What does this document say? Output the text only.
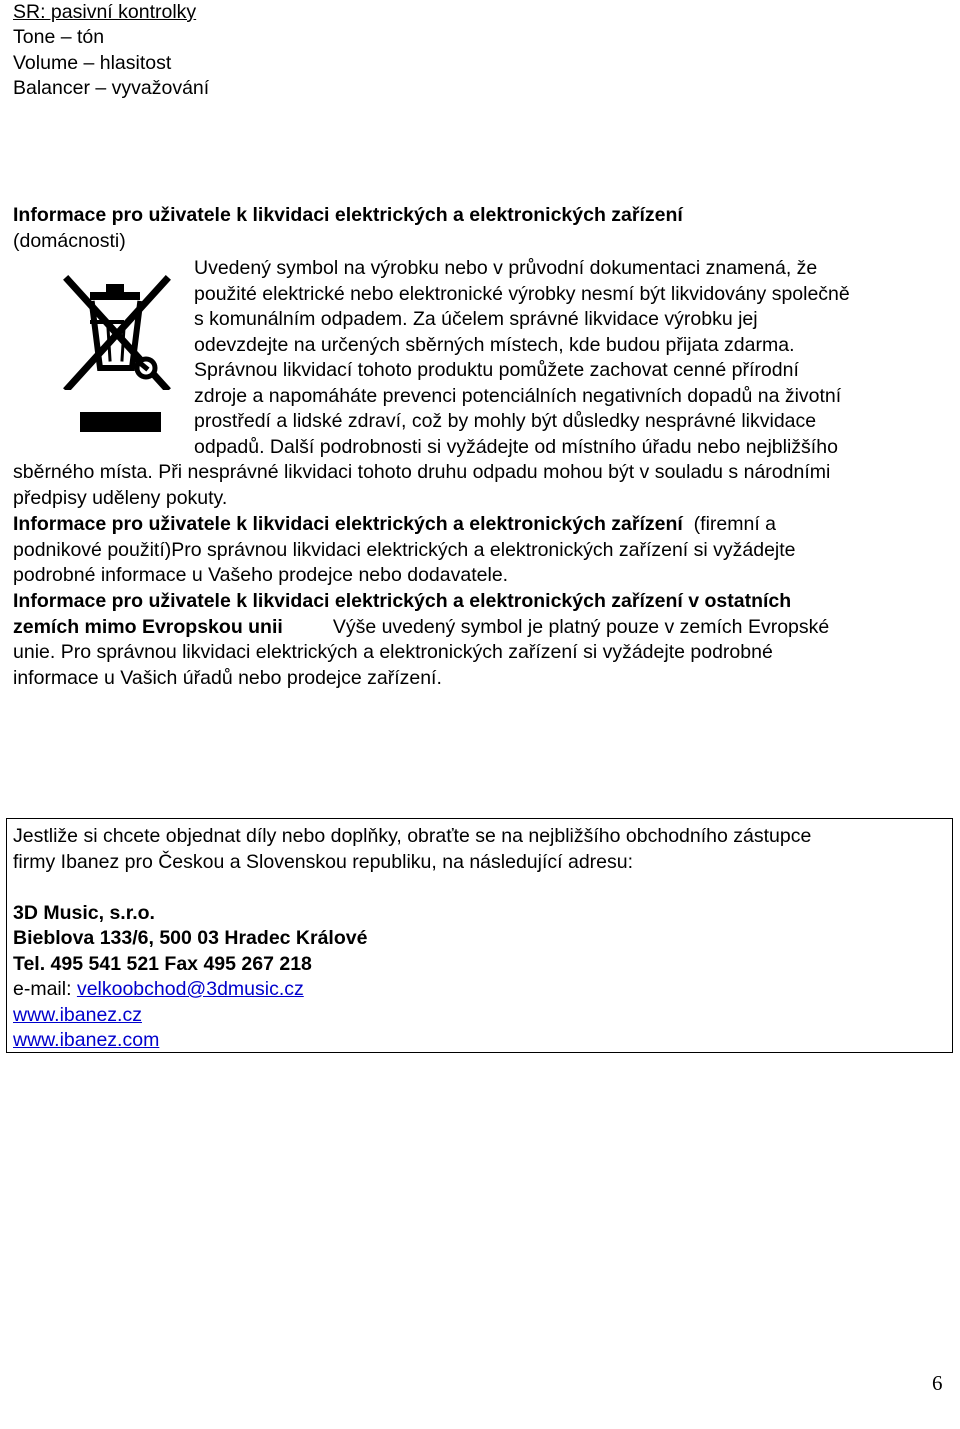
SR: pasivní kontrolky
Tone – tón
Volume – hlasitost
Balancer – vyvažování
Informace pro uživatele k likvidaci elektrických a elektronických zařízení
(domácnosti)
Uvedený symbol na výrobku nebo v průvodní dokumentaci znamená, že
použité elektrické nebo elektronické výrobky nesmí být likvidovány společně
s komunálním odpadem. Za účelem správné likvidace výrobku jej
odevzdejte na určených sběrných místech, kde budou přijata zdarma.
Správnou likvidací tohoto produktu pomůžete zachovat cenné přírodní
zdroje a napomáháte prevenci potenciálních negativních dopadů na životní
prostředí a lidské zdraví, což by mohly být důsledky nesprávné likvidace
odpadů. Další podrobnosti si vyžádejte od místního úřadu nebo nejbližšího
sběrného místa. Při nesprávné likvidaci tohoto druhu odpadu mohou být v souladu s národními
předpisy uděleny pokuty.
Informace pro uživatele k likvidaci elektrických a elektronických zařízení (firemní a
podnikové použití)Pro správnou likvidaci elektrických a elektronických zařízení si vyžádejte
podrobné informace u Vašeho prodejce nebo dodavatele.
Informace pro uživatele k likvidaci elektrických a elektronických zařízení v ostatních
zemích mimo Evropskou unii	Výše uvedený symbol je platný pouze v zemích Evropské
unie. Pro správnou likvidaci elektrických a elektronických zařízení si vyžádejte podrobné
informace u Vašich úřadů nebo prodejce zařízení.
Jestliže si chcete objednat díly nebo doplňky, obraťte se na nejbližšího obchodního zástupce
firmy Ibanez pro Českou a Slovenskou republiku, na následující adresu:
3D Music, s.r.o.
Bieblova 133/6, 500 03 Hradec Králové
Tel. 495 541 521 Fax 495 267 218
e-mail: velkoobchod@3dmusic.cz
www.ibanez.cz
www.ibanez.com
6
